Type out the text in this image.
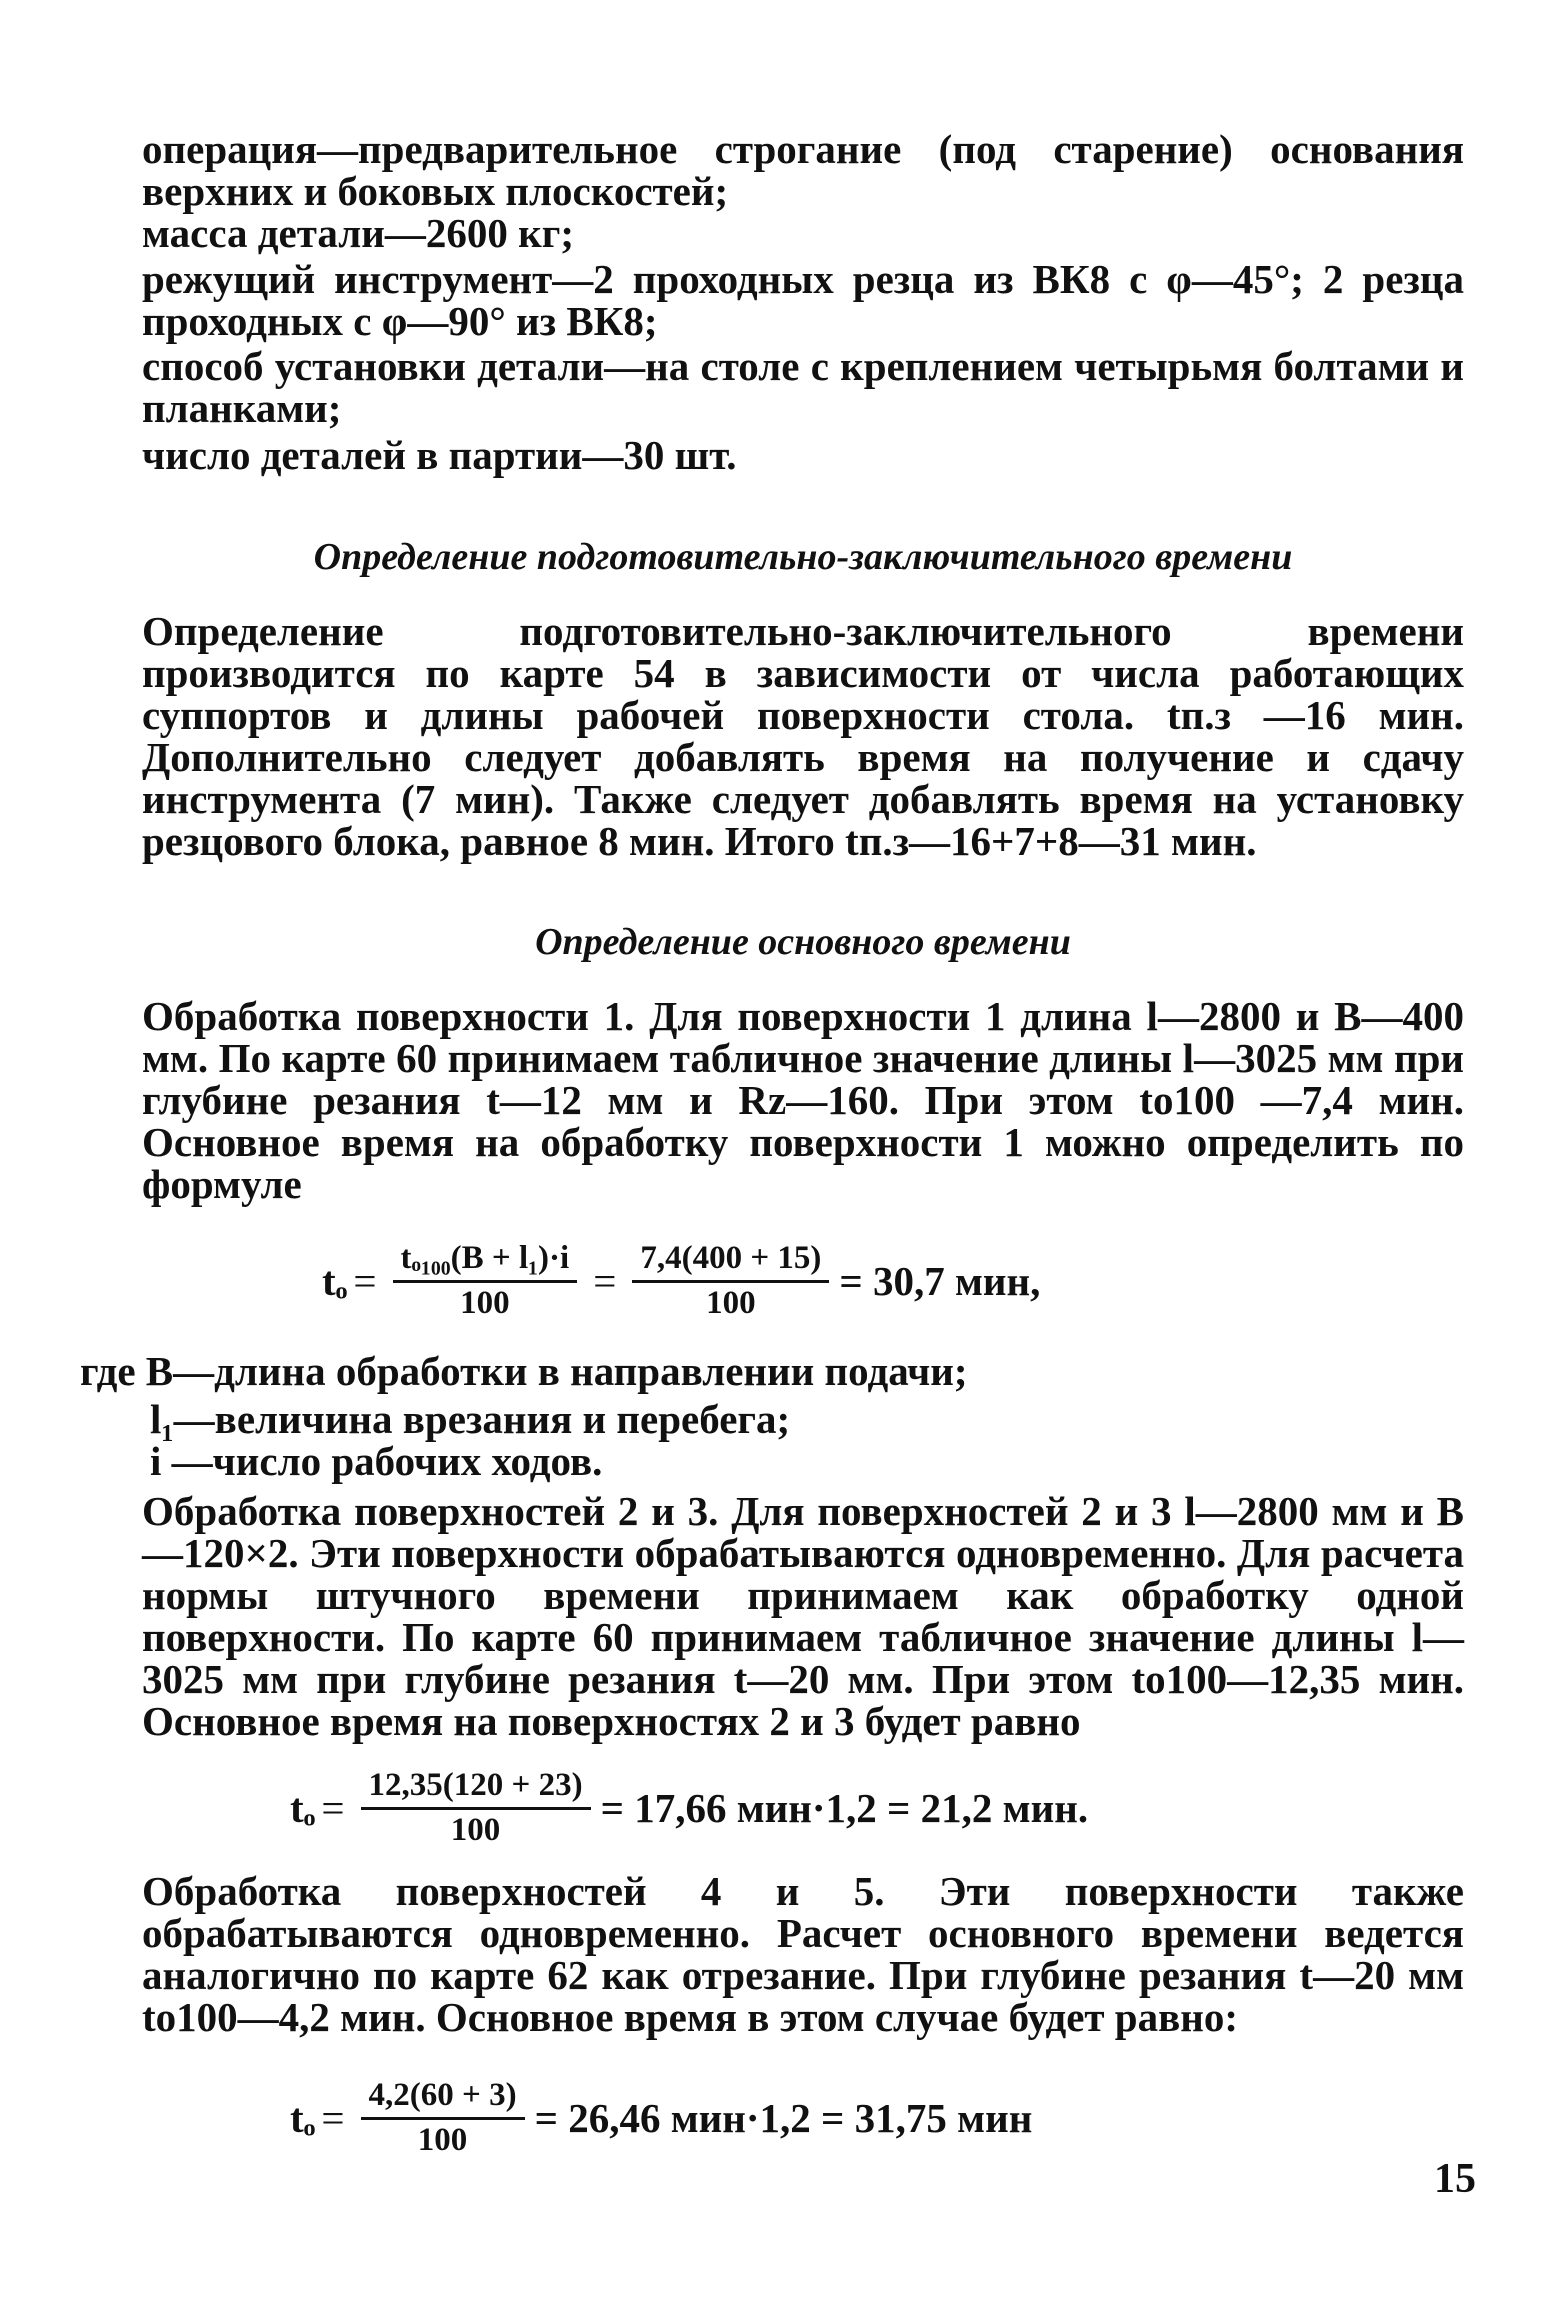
операция—предварительное строгание (под старение) основания верхних и боковых плоскостей;

масса детали—2600 кг;

режущий инструмент—2 проходных резца из ВК8 с φ—45°; 2 резца проходных с φ—90° из ВК8;

способ установки детали—на столе с креплением четырьмя болтами и планками;

число деталей в партии—30 шт.

Определение подготовительно-заключительного времени

Определение подготовительно-заключительного времени производится по карте 54 в зависимости от числа работающих суппортов и длины рабочей поверхности стола. tп.з —16 мин. Дополнительно следует добавлять время на получение и сдачу инструмента (7 мин). Также следует добавлять время на установку резцового блока, равное 8 мин. Итого tп.з—16+7+8—31 мин.

Определение основного времени

Обработка поверхности 1. Для поверхности 1 длина l—2800 и B—400 мм. По карте 60 принимаем табличное значение длины l—3025 мм при глубине резания t—12 мм и Rz—160. При этом to100 —7,4 мин. Основное время на обработку поверхности 1 можно определить по формуле

$t_o = \frac{\text{tₒ₁₀₀(B + l₁)·i}}{100} = \frac{7,4(400 + 15)}{100} = 30,7$ мин,
где B—длина обработки в направлении подачи;
l₁—величина врезания и перебега;
i —число рабочих ходов.

Обработка поверхностей 2 и 3. Для поверхностей 2 и 3 l—2800 мм и B—120×2. Эти поверхности обрабатываются одновременно. Для расчета нормы штучного времени принимаем как обработку одной поверхности. По карте 60 принимаем табличное значение длины l—3025 мм при глубине резания t—20 мм. При этом to100—12,35 мин. Основное время на поверхностях 2 и 3 будет равно

$t_o = \frac{12,35(120 + 23)}{100} = 17,66$ мин·1,2 = 21,2 мин.

Обработка поверхностей 4 и 5. Эти поверхности также обрабатываются одновременно. Расчет основного времени ведется аналогично по карте 62 как отрезание. При глубине резания t—20 мм to100—4,2 мин. Основное время в этом случае будет равно:

$t_o = \frac{4,2(60 + 3)}{100} = 26,46$ мин·1,2 = 31,75 мин
15
